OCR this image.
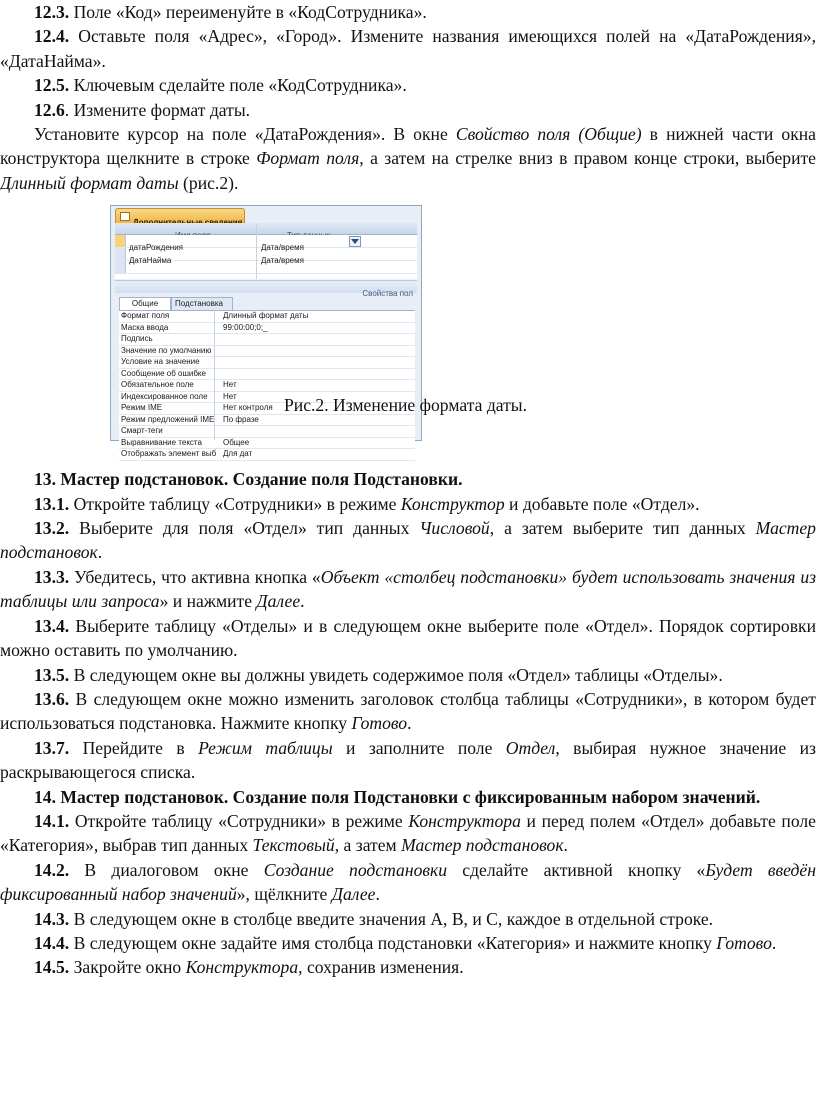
12.3. Поле «Код» переименуйте в «КодСотрудника».

12.4. Оставьте поля «Адрес», «Город». Измените названия имеющихся полей на «ДатаРождения», «ДатаНайма».

12.5. Ключевым сделайте поле «КодСотрудника».

12.6. Измените формат даты.

Установите курсор на поле «ДатаРождения». В окне Свойство поля (Общие) в нижней части окна конструктора щелкните в строке Формат поля, а затем на стрелке вниз в правом конце строки, выберите Длинный формат даты (рис.2).

датаРождения	Дата/время
ДатаНайма	Дата/время
Свойства пол
Общие	Подстановка
Формат поля	Длинный формат даты
Маска ввода	99:00:00;0;_
Подпись
Значение по умолчанию
Условие на значение
Сообщение об ошибке
Обязательное поле	Нет
Индексированное поле	Нет
Режим IME	Нет контроля
Режим предложений IME	По фразе
Смарт-теги
Выравнивание текста	Общее
Отображать элемент выб Для дат
Рис.2. Изменение формата даты.

13. Мастер подстановок. Создание поля Подстановки.

13.1. Откройте таблицу «Сотрудники» в режиме Конструктор и добавьте поле «Отдел».

13.2. Выберите для поля «Отдел» тип данных Числовой, а затем выберите тип данных Мастер подстановок.

13.3. Убедитесь, что активна кнопка «Объект «столбец подстановки» будет использовать значения из таблицы или запроса» и нажмите Далее.

13.4. Выберите таблицу «Отделы» и в следующем окне выберите поле «Отдел». Порядок сортировки можно оставить по умолчанию.

13.5. В следующем окне вы должны увидеть содержимое поля «Отдел» таблицы «Отделы».

13.6. В следующем окне можно изменить заголовок столбца таблицы «Сотрудники», в котором будет использоваться подстановка. Нажмите кнопку Готово.

13.7. Перейдите в Режим таблицы и заполните поле Отдел, выбирая нужное значение из раскрывающегося списка.

14. Мастер подстановок. Создание поля Подстановки с фиксированным набором значений.

14.1. Откройте таблицу «Сотрудники» в режиме Конструктора и перед полем «Отдел» добавьте поле «Категория», выбрав тип данных Текстовый, а затем Мастер подстановок.

14.2. В диалоговом окне Создание подстановки сделайте активной кнопку «Будет введён фиксированный набор значений», щёлкните Далее.

14.3. В следующем окне в столбце введите значения А, В, и С, каждое в отдельной строке.

14.4. В следующем окне задайте имя столбца подстановки «Категория» и нажмите кнопку Готово.

14.5. Закройте окно Конструктора, сохранив изменения.
